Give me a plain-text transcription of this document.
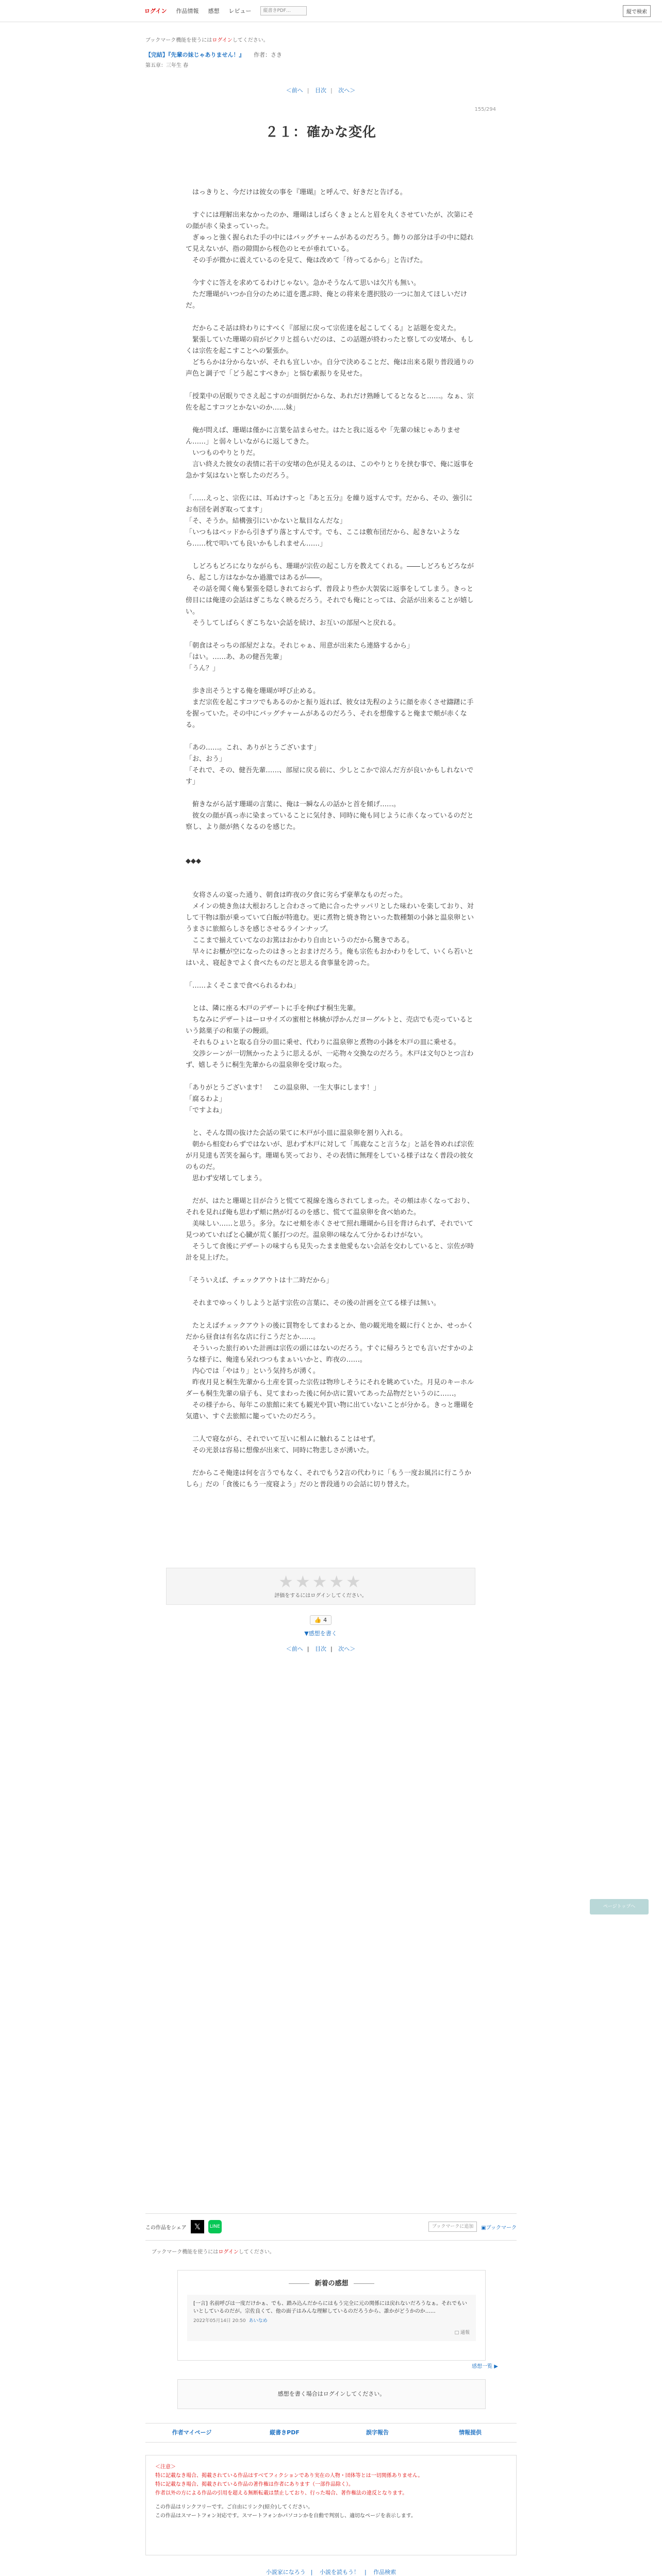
ログイン 作品情報 感想 レビュー	縦書きPDF…	縦で検索
ブックマーク機能を使うにはログインしてください。
【完結】『先輩の妹じゃありません！』 作者：さき
第五章：三年生 春
＜前へ | 目次 | 次へ＞
155/294
２１：確かな変化

　はっきりと、今だけは彼女の事を『珊瑚』と呼んで、好きだと告げる。

　すぐには理解出来なかったのか、珊瑚はしばらくきょとんと眉を丸くさせていたが、次第にその顔が赤く染まっていった。

　ぎゅっと強く握られた手の中にはバッグチャームがあるのだろう。飾りの部分は手の中に隠れて見えないが、指の隙間から桜色のヒモが垂れている。

　その手が微かに震えているのを見て、俺は改めて「待ってるから」と告げた。

　今すぐに答えを求めてるわけじゃない。急かそうなんて思いは欠片も無い。

　ただ珊瑚がいつか自分のために道を選ぶ時、俺との将来を選択肢の一つに加えてほしいだけだ。

　だからこそ話は終わりにすべく『部屋に戻って宗佐達を起こしてくる』と話題を変えた。

　緊張していた珊瑚の肩がピクリと揺らいだのは、この話題が終わったと察しての安堵か、もしくは宗佐を起こすことへの緊張か。

　どちらかは分からないが、それも宜しいか。自分で決めることだ、俺は出来る限り普段通りの声色と調子で「どう起こすべきか」と悩む素振りを見せた。

「授業中の居眠りでさえ起こすのが面倒だからな、あれだけ熟睡してるとなると……。なぁ、宗佐を起こすコツとかないのか……妹」

　俺が問えば、珊瑚は僅かに言葉を詰まらせた。はたと我に返るや「先輩の妹じゃありません……」と弱々しいながらに返してきた。

　いつものやりとりだ。

　言い終えた彼女の表情に若干の安堵の色が見えるのは、このやりとりを挟む事で、俺に返事を急かす気はないと察したのだろう。

「……えっと、宗佐には、耳ぬけすっと『あと五分』を繰り返すんです。だから、その、強引にお布団を剥ぎ取ってます」

「そ、そうか。結構強引にいかないと駄目なんだな」

「いつもはベッドから引きずり落とすんです。でも、ここは敷布団だから、起きないようなら……枕で叩いても良いかもしれません……」

　しどろもどろになりながらも、珊瑚が宗佐の起こし方を教えてくれる。――しどろもどろながら、起こし方はなかなか過激ではあるが――。

　その話を聞く俺も緊張を隠しきれておらず、普段より些か大袈裟に返事をしてしまう。きっと傍目には俺達の会話はぎこちなく映るだろう。それでも俺にとっては、会話が出来ることが嬉しい。

　そうしてしばらくぎこちない会話を続け、お互いの部屋へと戻れる。

「朝食はそっちの部屋だよな。それじゃぁ、用意が出来たら連絡するから」

「はい。……あ、あの健吾先輩」

「うん？」

　歩き出そうとする俺を珊瑚が呼び止める。

　まだ宗佐を起こすコツでもあるのかと振り返れば、彼女は先程のように顔を赤くさせ躊躇に手を握っていた。その中にバッグチャームがあるのだろう、それを想像すると俺まで頬が赤くなる。

「あの……。これ、ありがとうございます」

「お、おう」

「それで、その、健吾先輩……、部屋に戻る前に、少しとこかで涼んだ方が良いかもしれないです」

　俯きながら話す珊瑚の言葉に、俺は一瞬なんの話かと首を傾げ……。

　彼女の顔が真っ赤に染まっていることに気付き、同時に俺も同じように赤くなっているのだと察し、より顔が熱くなるのを感じた。

◆◆◆

　女将さんの宴った通り、朝食は昨夜の夕食に劣らず豪華なものだった。

　メインの焼き魚は大根おろしと合わさって絶に合ったサッパリとした味わいを楽しており、対して干物は脂が乗っていて白飯が特進む。更に煮物と焼き物といった数種類の小鉢と温泉卵というまさに旅館らしさを感じさせるラインナップ。

　ここまで揃えていてなのお篤はおかわり自由というのだから驚きである。

　早々にお櫃が空になったのはきっとおまけだろう。俺も宗佐もおかわりをして、いくら若いとはいえ、寝起きでよく食べたものだと思える食事量を誇った。

「……よくそこまで食べられるわね」

　とは、隣に座る木戸のデザートに手を伸ばす桐生先輩。

　ちなみにデザートはーロサイズの蜜柑と林檎が浮かんだヨーグルトと、売店でも売っているという銘菓子の和菓子の饅頭。

　それもひょいと取る自分の皿に乗せ、代わりに温泉卵と煮物の小鉢を木戸の皿に乗せる。

　交渉シーンが一切無かったように思えるが、一応物々交換なのだろう。木戸は文句ひとつ言わず、嬉しそうに桐生先輩からの温泉卵を受け取った。

「ありがとうございます！　この温泉卵、一生大事にします！」

「腐るわよ」

「ですよね」

　と、そんな間の抜けた会話の果てに木戸が小皿に温泉卵を割り入れる。

　朝から相変わらずではないが、思わず木戸に対して「馬鹿なこと言うな」と話を咎めれば宗佐が月見達も苦笑を漏らす。珊瑚も笑っており、その表情に無理をしている様子はなく普段の彼女のものだ。

　思わず安堵してしまう。

　だが、はたと珊瑚と目が合うと慌てて視線を逸らされてしまった。その頬は赤くなっており、それを見れば俺も思わず頬に熱が灯るのを感じ、慌てて温泉卵を食べ始めた。

　美味しい……と思う。多分。なにせ頬を赤くさせて照れ珊瑚から目を背けられず、それでいて見つめていればと心臓が荒く脈打つのだ。温泉卵の味なんて分かるわけがない。

　そうして食後にデザートの味すらも見失ったまま他愛もない会話を交わしていると、宗佐が時計を見上げた。

「そういえば、チェックアウトは十二時だから」

　それまでゆっくりしようと話す宗佐の言葉に、その後の計画を立てる様子は無い。

　たとえばチェックアウトの後に買物をしてまわるとか、他の観光地を観に行くとか、せっかくだから昼食は有名な店に行こうだとか……。

　そういった旅行めいた計画は宗佐の頭にはないのだろう。すぐに帰ろうとでも言いだすかのような様子に、俺達も呆れつつもまぁいいかと、昨夜の……。

　内心では「やはり」という気持ちが湧く。

　昨夜月見と桐生先輩から土産を買った宗佐は物珍しそうにそれを眺めていた。月見のキーホルダーも桐生先輩の扇子も、見てまわった後に何か店に置いてあった品物だというのに……。

　その様子から、毎年この旅館に来ても観光や買い物に出ていないことが分かる。きっと珊瑚を気遣い、すぐ去旅館に籠っていたのだろう。

　二人で寝ながら、それでいて互いに相ムに触れることはせず。

　その光景は容易に想像が出来て、同時に物悲しさが湧いた。

　だからこそ俺達は何を言うでもなく、それでもう2言の代わりに「もう一度お風呂に行こうかしら」だの「食後にもう一度寝よう」だのと普段通りの会話に切り替えた。

★★★★★
評価をするにはログインしてください。
👍 4
▼感想を書く
＜前へ | 目次 | 次へ＞
この作品をシェア 𝕏	LINE	ブックマークに追加	▣ブックマーク
ブックマーク機能を使うにはログインしてください。
新着の感想
[一言] 名前呼びは一度だけかぁ、でも、踏み込んだからにはもう完全に元の関係には戻れないだろうなぁ。それでもいいとしているのだが。宗佐良くて、他の面子はみんな理解しているのだろうから、誰かがどうかのか……
2022年05月14日 20:50 あいなめ
□ 通報
感想一覧 ▶
感想を書く場合はログインしてください。
作者マイページ	縦書きPDF	誤字報告	情報提供
＜注意＞
特に記載なき場合、掲載されている作品はすべてフィクションであり実在の人物・団体等とは一切関係ありません。
特に記載なき場合、掲載されている作品の著作権は作者にあります（一部作品除く）。
作者以外の方による作品の引用を超える無断転載は禁止しており、行った場合、著作権法の違反となります。
この作品はリンクフリーです。ご自由にリンク(紹介)してください。
この作品はスマートフォン対応です。スマートフォンかパソコンかを自動で判別し、適切なページを表示します。
小説家になろう | 小説を読もう！ | 作品検索
ページトップへ
